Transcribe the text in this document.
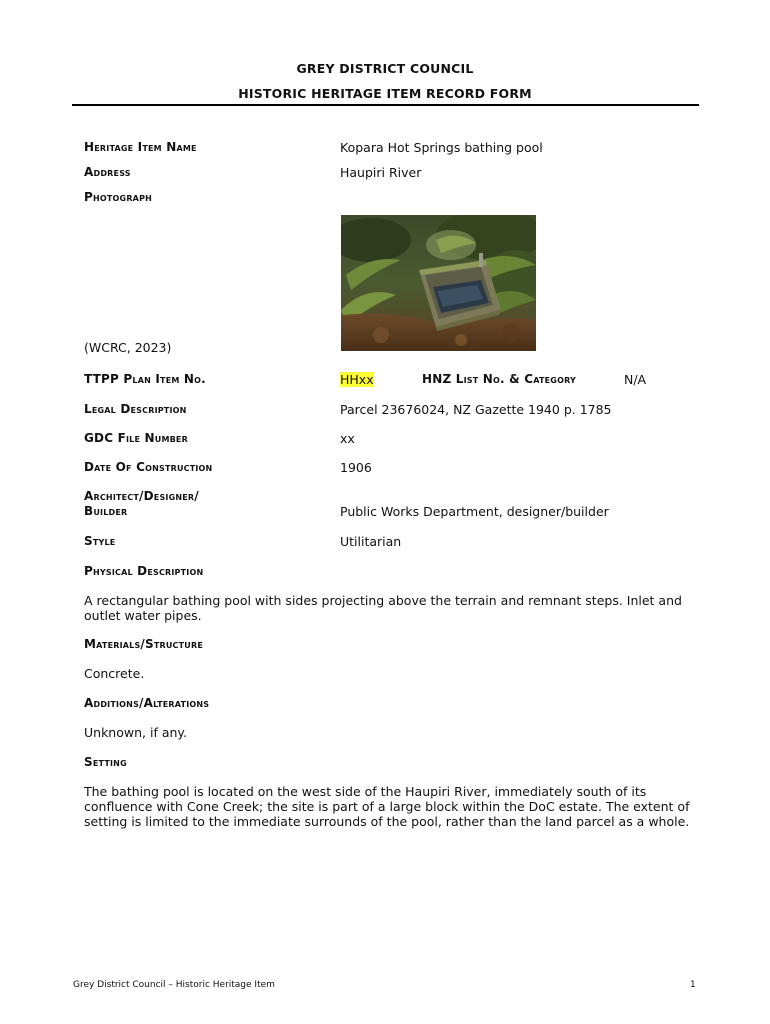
GREY DISTRICT COUNCIL
HISTORIC HERITAGE ITEM RECORD FORM
Heritage Item Name	Kopara Hot Springs bathing pool
Address	Haupiri River
Photograph
(WCRC, 2023)
TTPP Plan Item No.	HHxx	HNZ List No. & Category	N/A
Legal Description	Parcel 23676024, NZ Gazette 1940 p. 1785
GDC File Number	xx
Date Of Construction	1906
Architect/Designer/
Builder	Public Works Department, designer/builder
Style	Utilitarian
Physical Description
A rectangular bathing pool with sides projecting above the terrain and remnant steps. Inlet and outlet water pipes.
Materials/Structure
Concrete.
Additions/Alterations
Unknown, if any.
Setting
The bathing pool is located on the west side of the Haupiri River, immediately south of its confluence with Cone Creek; the site is part of a large block within the DoC estate. The extent of setting is limited to the immediate surrounds of the pool, rather than the land parcel as a whole.
Grey District Council – Historic Heritage Item	1
